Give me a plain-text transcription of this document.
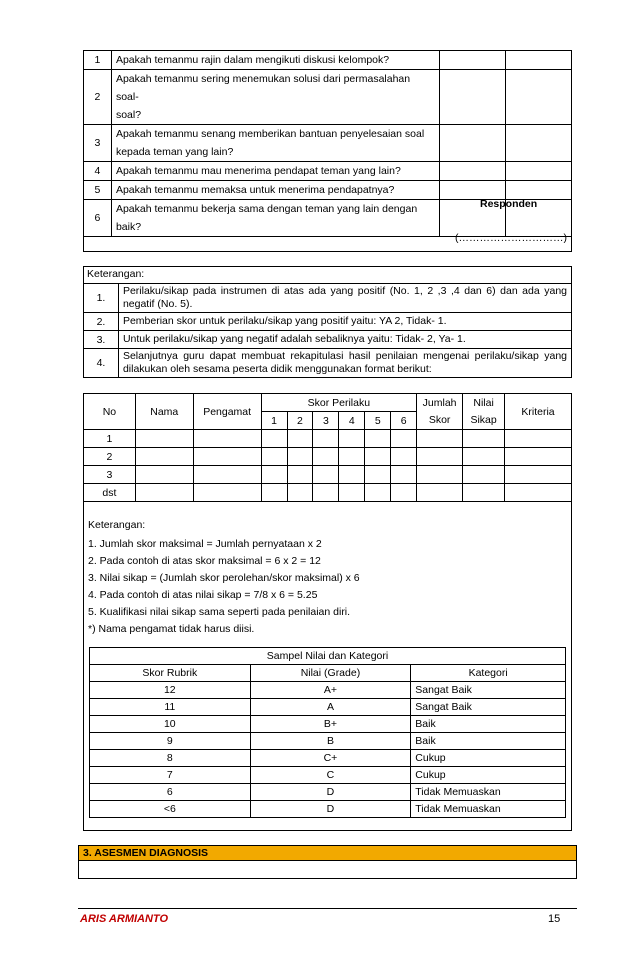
1	Apakah temanmu rajin dalam mengikuti diskusi kelompok?		
2	Apakah temanmu sering menemukan solusi dari permasalahan soal-
soal?		
3	Apakah temanmu senang memberikan bantuan penyelesaian soal
kepada teman yang lain?		
4	Apakah temanmu mau menerima pendapat teman yang lain?		
5	Apakah temanmu memaksa untuk menerima pendapatnya?		
6	Apakah temanmu bekerja sama dengan teman yang lain dengan baik?		
Responden
(…………………………)
Keterangan:
1.	Perilaku/sikap pada instrumen di atas ada yang positif (No. 1, 2 ,3 ,4 dan 6) dan ada yang negatif (No. 5).
2.	Pemberian skor untuk perilaku/sikap yang positif yaitu: YA 2, Tidak- 1.
3.	Untuk perilaku/sikap yang negatif adalah sebaliknya yaitu: Tidak- 2, Ya- 1.
4.	Selanjutnya guru dapat membuat rekapitulasi hasil penilaian mengenai perilaku/sikap yang dilakukan oleh sesama peserta didik menggunakan format berikut:
No	Nama	Pengamat	Skor Perilaku						Jumlah	Nilai	Kriteria
			1	2	3	4	5	6	Skor	Sikap	
1											
2											
3											
dst											
Keterangan:
1. Jumlah skor maksimal = Jumlah pernyataan x 2
2. Pada contoh di atas skor maksimal = 6 x 2 = 12
3. Nilai sikap = (Jumlah skor perolehan/skor maksimal) x 6
4. Pada contoh di atas nilai sikap = 7/8 x 6 = 5.25
5. Kualifikasi nilai sikap sama seperti pada penilaian diri.
*) Nama pengamat tidak harus diisi.
Sampel Nilai dan Kategori		
Skor Rubrik	Nilai (Grade)	Kategori
12	A+	Sangat Baik
11	A	Sangat Baik
10	B+	Baik
9	B	Baik
8	C+	Cukup
7	C	Cukup
6	D	Tidak Memuaskan
<6	D	Tidak Memuaskan
3. ASESMEN DIAGNOSIS
ARIS ARMIANTO	15
